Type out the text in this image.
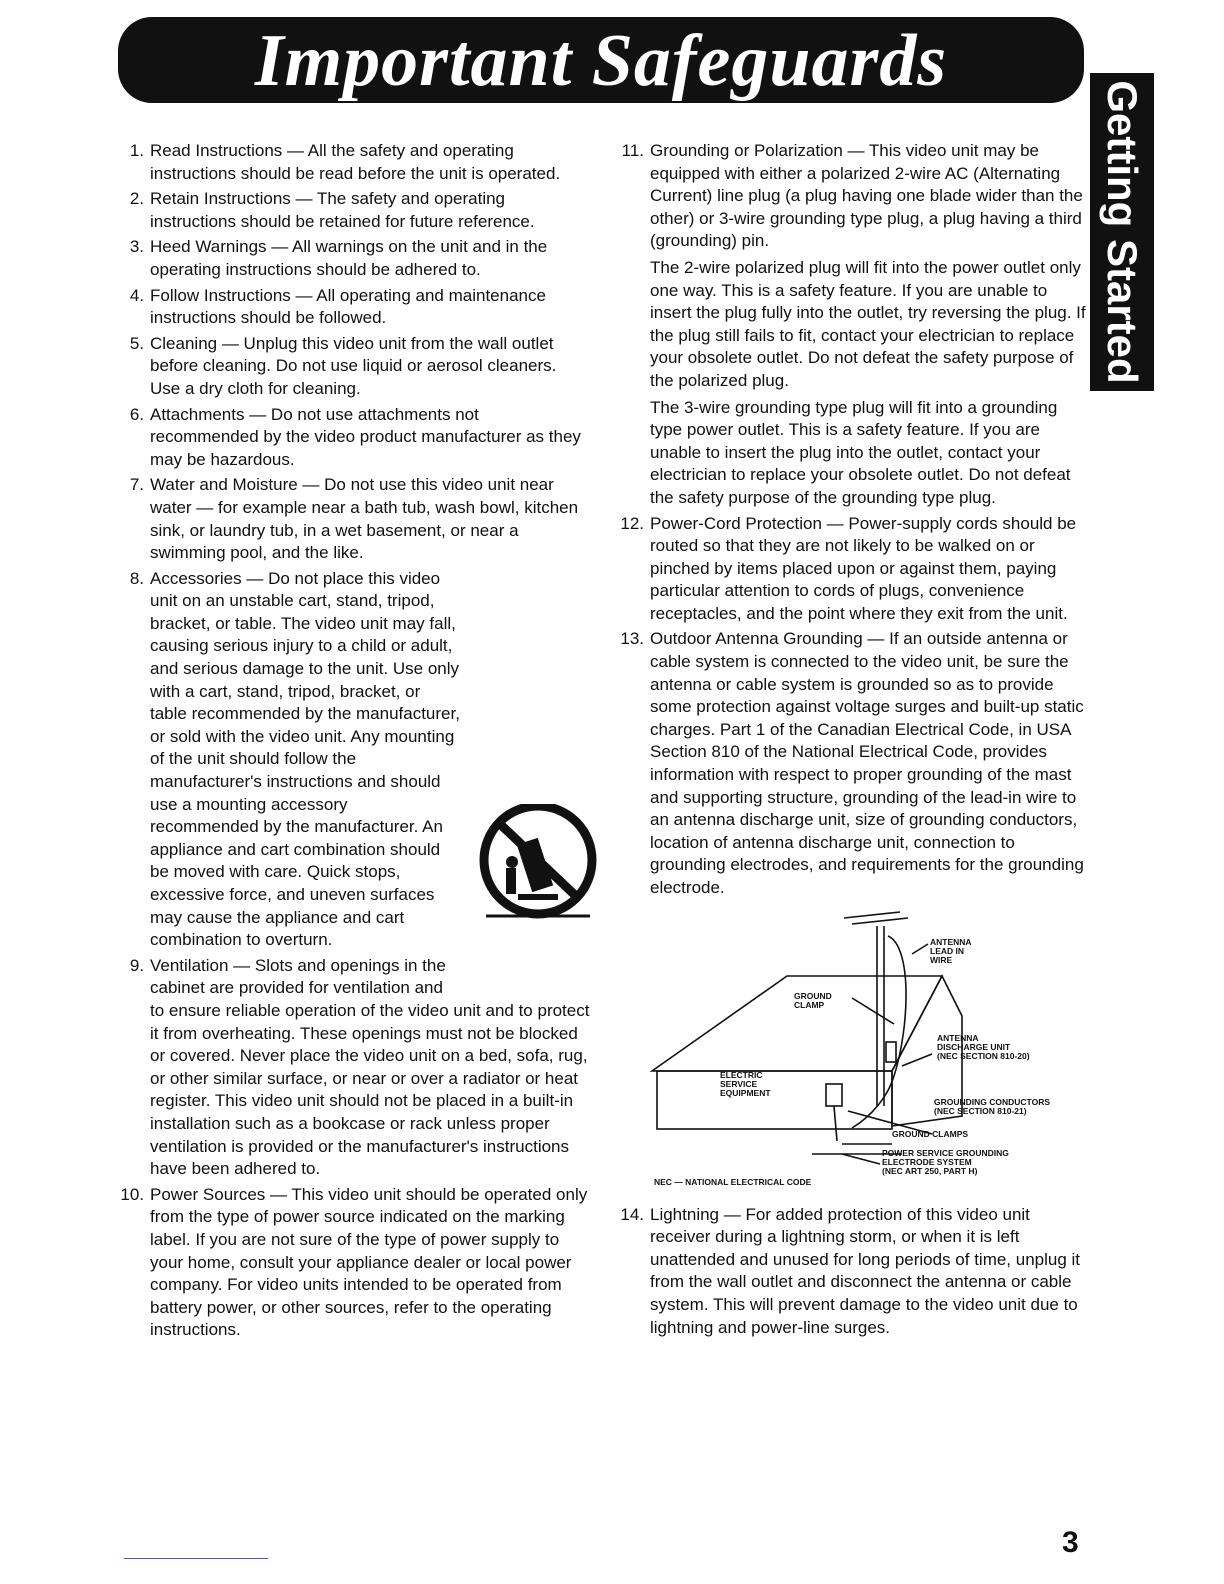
Important Safeguards
Getting Started
1. Read Instructions — All the safety and operating instructions should be read before the unit is operated.
2. Retain Instructions — The safety and operating instructions should be retained for future reference.
3. Heed Warnings — All warnings on the unit and in the operating instructions should be adhered to.
4. Follow Instructions — All operating and maintenance instructions should be followed.
5. Cleaning — Unplug this video unit from the wall outlet before cleaning. Do not use liquid or aerosol cleaners. Use a dry cloth for cleaning.
6. Attachments — Do not use attachments not recommended by the video product manufacturer as they may be hazardous.
7. Water and Moisture — Do not use this video unit near water — for example near a bath tub, wash bowl, kitchen sink, or laundry tub, in a wet basement, or near a swimming pool, and the like.
8. Accessories — Do not place this video unit on an unstable cart, stand, tripod, bracket, or table. The video unit may fall, causing serious injury to a child or adult, and serious damage to the unit. Use only with a cart, stand, tripod, bracket, or table recommended by the manufacturer, or sold with the video unit. Any mounting of the unit should follow the manufacturer's instructions and should use a mounting accessory recommended by the manufacturer. An appliance and cart combination should be moved with care. Quick stops, excessive force, and uneven surfaces may cause the appliance and cart combination to overturn.
9. Ventilation — Slots and openings in the cabinet are provided for ventilation and to ensure reliable operation of the video unit and to protect it from overheating. These openings must not be blocked or covered. Never place the video unit on a bed, sofa, rug, or other similar surface, or near or over a radiator or heat register. This video unit should not be placed in a built-in installation such as a bookcase or rack unless proper ventilation is provided or the manufacturer's instructions have been adhered to.
10. Power Sources — This video unit should be operated only from the type of power source indicated on the marking label. If you are not sure of the type of power supply to your home, consult your appliance dealer or local power company. For video units intended to be operated from battery power, or other sources, refer to the operating instructions.
11. Grounding or Polarization — This video unit may be equipped with either a polarized 2-wire AC (Alternating Current) line plug (a plug having one blade wider than the other) or 3-wire grounding type plug, a plug having a third (grounding) pin.
The 2-wire polarized plug will fit into the power outlet only one way. This is a safety feature. If you are unable to insert the plug fully into the outlet, try reversing the plug. If the plug still fails to fit, contact your electrician to replace your obsolete outlet. Do not defeat the safety purpose of the polarized plug.
The 3-wire grounding type plug will fit into a grounding type power outlet. This is a safety feature. If you are unable to insert the plug into the outlet, contact your electrician to replace your obsolete outlet. Do not defeat the safety purpose of the grounding type plug.
12. Power-Cord Protection — Power-supply cords should be routed so that they are not likely to be walked on or pinched by items placed upon or against them, paying particular attention to cords of plugs, convenience receptacles, and the point where they exit from the unit.
13. Outdoor Antenna Grounding — If an outside antenna or cable system is connected to the video unit, be sure the antenna or cable system is grounded so as to provide some protection against voltage surges and built-up static charges. Part 1 of the Canadian Electrical Code, in USA Section 810 of the National Electrical Code, provides information with respect to proper grounding of the mast and supporting structure, grounding of the lead-in wire to an antenna discharge unit, size of grounding conductors, location of antenna discharge unit, connection to grounding electrodes, and requirements for the grounding electrode.
ANTENNA
LEAD IN
WIRE
GROUND
CLAMP
ANTENNA
DISCHARGE UNIT
(NEC SECTION 810-20)
ELECTRIC
SERVICE
EQUIPMENT
GROUNDING CONDUCTORS
(NEC SECTION 810-21)
GROUND CLAMPS
POWER SERVICE GROUNDING
ELECTRODE SYSTEM
(NEC ART 250, PART H)
NEC — NATIONAL ELECTRICAL CODE
14. Lightning — For added protection of this video unit receiver during a lightning storm, or when it is left unattended and unused for long periods of time, unplug it from the wall outlet and disconnect the antenna or cable system. This will prevent damage to the video unit due to lightning and power-line surges.
3
